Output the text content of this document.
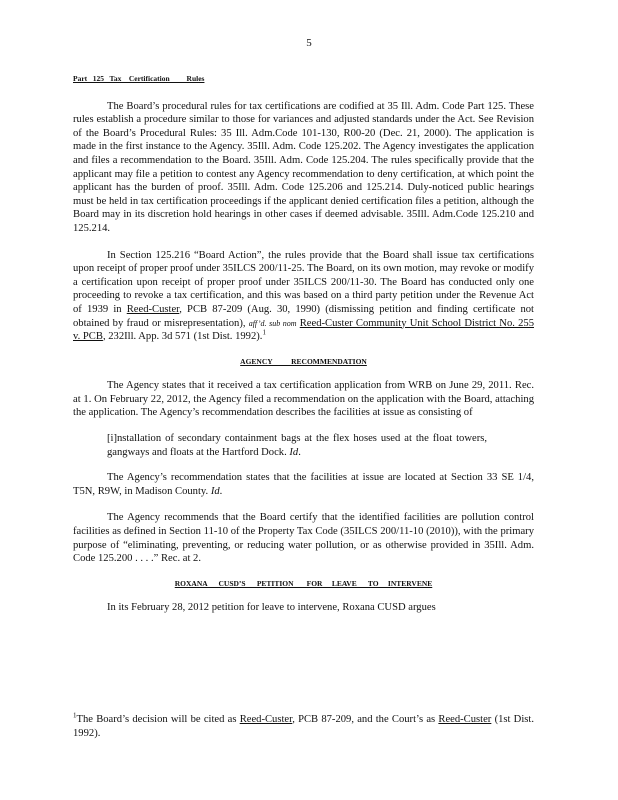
5

Part   125   Tax    Certification         Rules

The Board’s procedural rules for tax certifications are codified at 35 Ill. Adm. Code Part 125. These rules establish a procedure similar to those for variances and adjusted standards under the Act. See Revision of the Board’s Procedural Rules: 35 Ill. Adm.Code 101-130, R00-20 (Dec. 21, 2000). The application is made in the first instance to the Agency. 35Ill. Adm. Code 125.202. The Agency investigates the application and files a recommendation to the Board. 35Ill. Adm. Code 125.204. The rules specifically provide that the applicant may file a petition to contest any Agency recommendation to deny certification, at which point the applicant has the burden of proof. 35Ill. Adm. Code 125.206 and 125.214. Duly-noticed public hearings must be held in tax certification proceedings if the applicant denied certification files a petition, although the Board may in its discretion hold hearings in other cases if deemed advisable. 35Ill. Adm.Code 125.210 and 125.214.

In Section 125.216 “Board Action”, the rules provide that the Board shall issue tax certifications upon receipt of proper proof under 35ILCS 200/11-25. The Board, on its own motion, may revoke or modify a certification upon receipt of proper proof under 35ILCS 200/11-30. The Board has conducted only one proceeding to revoke a tax certification, and this was based on a third party petition under the Revenue Act of 1939 in Reed-Custer, PCB 87-209 (Aug. 30, 1990) (dismissing petition and finding certificate not obtained by fraud or misrepresentation), aff’d. sub nom Reed-Custer Community Unit School District No. 255 v. PCB, 232Ill. App. 3d 571 (1st Dist. 1992).$^1$

AGENCY          RECOMMENDATION

The Agency states that it received a tax certification application from WRB on June 29, 2011. Rec. at 1. On February 22, 2012, the Agency filed a recommendation on the application with the Board, attaching the application. The Agency’s recommendation describes the facilities at issue as consisting of

[i]nstallation of secondary containment bags at the flex hoses used at the float towers, gangways and floats at the Hartford Dock. Id.

The Agency’s recommendation states that the facilities at issue are located at Section 33 SE 1/4, T5N, R9W, in Madison County. Id.

The Agency recommends that the Board certify that the identified facilities are pollution control facilities as defined in Section 11-10 of the Property Tax Code (35ILCS 200/11-10 (2010)), with the primary purpose of “eliminating, preventing, or reducing water pollution, or as otherwise provided in 35Ill. Adm. Code 125.200 . . . .” Rec. at 2.

ROXANA      CUSD’S      PETITION       FOR     LEAVE      TO     INTERVENE

In its February 28, 2012 petition for leave to intervene, Roxana CUSD argues

$^1$The Board’s decision will be cited as Reed-Custer, PCB 87-209, and the Court’s as Reed-Custer (1st Dist. 1992).
